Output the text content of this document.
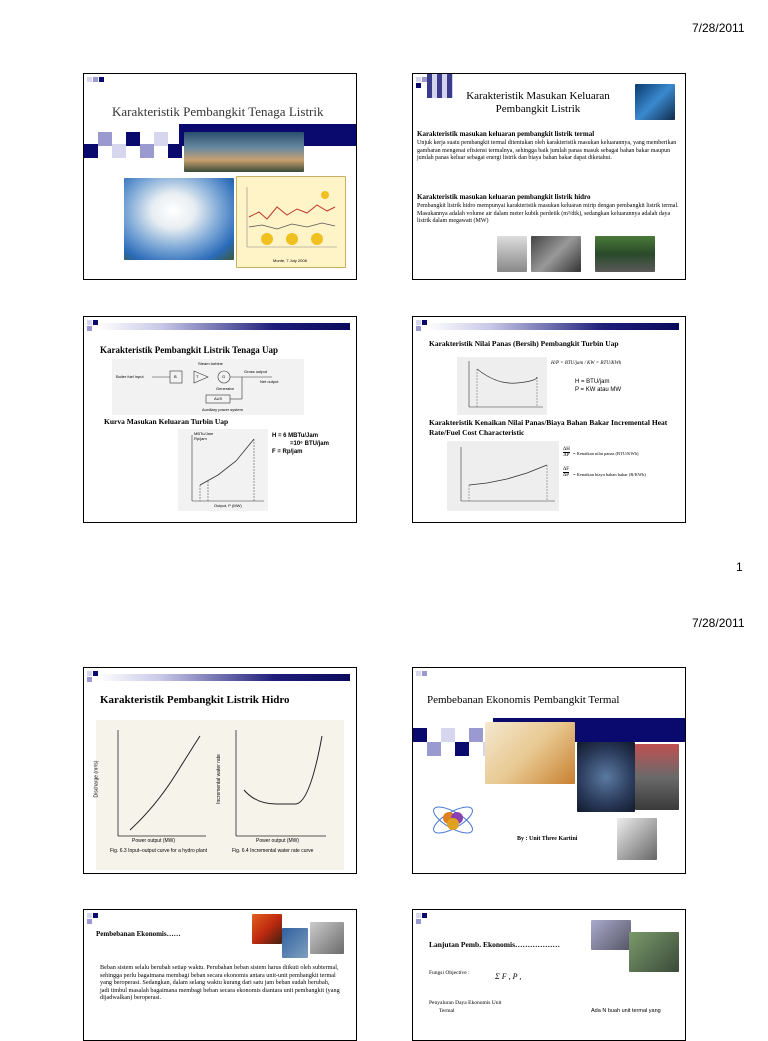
7/28/2011
Karakteristik Pembangkit Tenaga Listrik
Monte, 7 July 2008
Karakteristik Masukan Keluaran Pembangkit Listrik
Karakteristik masukan keluaran pembangkit listrik termal
Unjuk kerja suatu pembangkit termal ditentukan oleh karakteristik masukan keluarannya, yang memberikan gambaran mengenai efisiensi termalnya, sehingga baik jumlah panas masuk sebagai bahan bakar maupun jumlah panas keluar sebagai energi listrik dan biaya bahan bakar dapat diketahui.
Karakteristik masukan keluaran pembangkit listrik hidro
Pembangkit listrik hidro mempunyai karakteristik masukan keluaran mirip dengan pembangkit listrik termal. Masukannya adalah volume air dalam meter kubik perdetik (m³/dtk), sedangkan keluarannya adalah daya listrik dalam megawatt (MW)
Karakteristik Pembangkit Listrik Tenaga Uap
Boiler fuel input	B	T	G
Steam turbine
Generator
Gross output
Net output
AUX
Auxiliary power system
Kurva Masukan Keluaran Turbin Uap
MBTu/Jam Rp/jam
Output, P (MW)
H = 6 MBTu/Jam
=10⁶ BTU/jam
F = Rp/jam
Karakteristik Nilai Panas (Bersih) Pembangkit Turbin Uap
H/P = BTU/jam / KW = BTU/KWh
H = BTU/jam
P = KW atau MW
Karakteristik Kenaikan Nilai Panas/Biaya Bahan Bakar Incremental Heat Rate/Fuel Cost Characteristic
$\frac{\Delta H}{\Delta P}$ = Kenaikan nilai panas (BTU/KWh)
$\frac{\Delta F}{\Delta P}$ = Kenaikan biaya bahan bakar (R/KWh)
1
7/28/2011
Karakteristik Pembangkit Listrik Hidro
Discharge (m³/s)	Incremental water rate
Power output (MW)	Power output (MW)
Fig. 6.3 Input–output curve for a hydro plant	Fig. 6.4 Incremental water rate curve
Pembebanan Ekonomis Pembangkit Termal
By : Unit Three Kartini
Pembebanan Ekonomis……
Beban sistem selalu berubah setiap waktu. Perubahan beban sistem harus diikuti oleh subtermal, sehingga perlu bagaimana membagi beban secara ekonomis antara unit-unit pembangkit termal yang beroperasi. Sedangkan, dalam selang waktu kurang dari satu jam beban sudah berubah, jadi timbul masalah bagaimana membagi beban secara ekonomis diantara unit pembangkit (yang dijadwalkan) beroperasi.
Lanjutan Pemb. Ekonomis………………
Fungsi Objective :	Σ F , P ,
Penyaluran Daya Ekonomis Unit
Termal	Ada N buah unit termal yang
